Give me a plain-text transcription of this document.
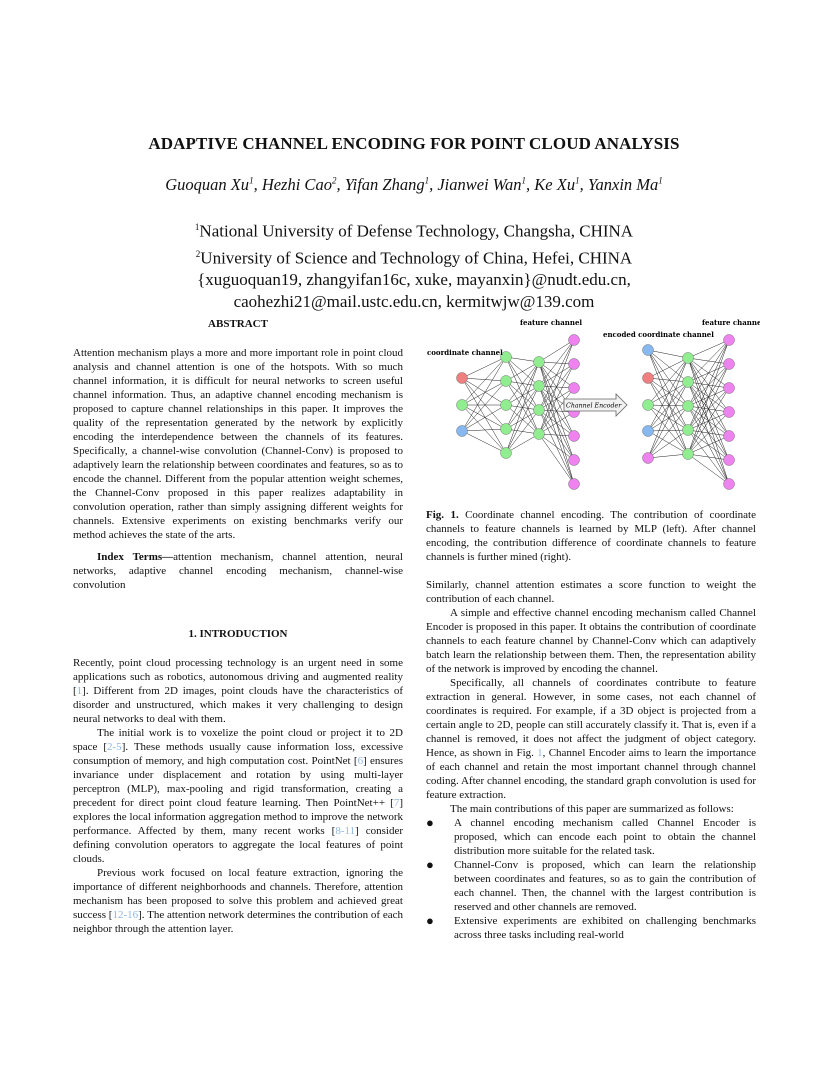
ADAPTIVE CHANNEL ENCODING FOR POINT CLOUD ANALYSIS
Guoquan Xu$^1$, Hezhi Cao$^2$, Yifan Zhang$^1$, Jianwei Wan$^1$, Ke Xu$^1$, Yanxin Ma$^1$
$^1$National University of Defense Technology, Changsha, CHINA
$^2$University of Science and Technology of China, Hefei, CHINA
{xuguoquan19, zhangyifan16c, xuke, mayanxin}@nudt.edu.cn,
caohezhi21@mail.ustc.edu.cn, kermitwjw@139.com
ABSTRACT

Attention mechanism plays a more and more important role in point cloud analysis and channel attention is one of the hotspots. With so much channel information, it is difficult for neural networks to screen useful channel information. Thus, an adaptive channel encoding mechanism is proposed to capture channel relationships in this paper. It improves the quality of the representation generated by the network by explicitly encoding the interdependence between the channels of its features. Specifically, a channel-wise convolution (Channel-Conv) is proposed to adaptively learn the relationship between coordinates and features, so as to encode the channel. Different from the popular attention weight schemes, the Channel-Conv proposed in this paper realizes adaptability in convolution operation, rather than simply assigning different weights for channels. Extensive experiments on existing benchmarks verify our method achieves the state of the arts.

Index Terms—attention mechanism, channel attention, neural networks, adaptive channel encoding mechanism, channel-wise convolution

1. INTRODUCTION

Recently, point cloud processing technology is an urgent need in some applications such as robotics, autonomous driving and augmented reality [1]. Different from 2D images, point clouds have the characteristics of disorder and unstructured, which makes it very challenging to design neural networks to deal with them.

The initial work is to voxelize the point cloud or project it to 2D space [2-5]. These methods usually cause information loss, excessive consumption of memory, and high computation cost. PointNet [6] ensures invariance under displacement and rotation by using multi-layer perceptron (MLP), max-pooling and rigid transformation, creating a precedent for direct point cloud feature learning. Then PointNet++ [7] explores the local information aggregation method to improve the network performance. Affected by them, many recent works [8-11] consider defining convolution operators to aggregate the local features of point clouds.

Previous work focused on local feature extraction, ignoring the importance of different neighborhoods and channels. Therefore, attention mechanism has been proposed to solve this problem and achieved great success [12-16]. The attention network determines the contribution of each neighbor through the attention layer.

coordinate channel
feature channel
encoded coordinate channel
feature channel
Channel Encoder
Fig. 1. Coordinate channel encoding. The contribution of coordinate channels to feature channels is learned by MLP (left). After channel encoding, the contribution difference of coordinate channels to feature channels is further mined (right).

Similarly, channel attention estimates a score function to weight the contribution of each channel.

A simple and effective channel encoding mechanism called Channel Encoder is proposed in this paper. It obtains the contribution of coordinate channels to each feature channel by Channel-Conv which can adaptively batch learn the relationship between them. Then, the representation ability of the network is improved by encoding the channel.

Specifically, all channels of coordinates contribute to feature extraction in general. However, in some cases, not each channel of coordinates is required. For example, if a 3D object is projected from a certain angle to 2D, people can still accurately classify it. That is, even if a channel is removed, it does not affect the judgment of object category. Hence, as shown in Fig. 1, Channel Encoder aims to learn the importance of each channel and retain the most important channel through channel coding. After channel encoding, the standard graph convolution is used for feature extraction.

The main contributions of this paper are summarized as follows:

● A channel encoding mechanism called Channel Encoder is proposed, which can encode each point to obtain the channel distribution more suitable for the related task.
● Channel-Conv is proposed, which can learn the relationship between coordinates and features, so as to gain the contribution of each channel. Then, the channel with the largest contribution is reserved and other channels are removed.
● Extensive experiments are exhibited on challenging benchmarks across three tasks including real-world
